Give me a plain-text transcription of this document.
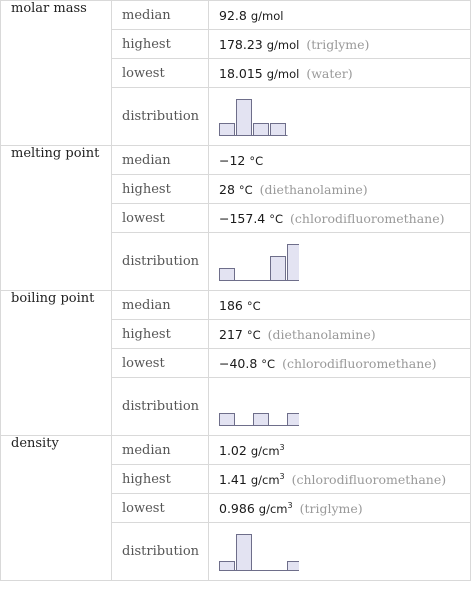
molar mass	median	92.8 g/mol
	highest	178.23 g/mol (triglyme)
	lowest	18.015 g/mol (water)
	distribution	

melting point	median	−12 °C
	highest	28 °C (diethanolamine)
	lowest	−157.4 °C (chlorodifluoromethane)
	distribution	

boiling point	median	186 °C
	highest	217 °C (diethanolamine)
	lowest	−40.8 °C (chlorodifluoromethane)
	distribution	

density	median	1.02 $g/cm^3$
	highest	1.41 $g/cm^3$ (chlorodifluoromethane)
	lowest	0.986 $g/cm^3$ (triglyme)
	distribution	
